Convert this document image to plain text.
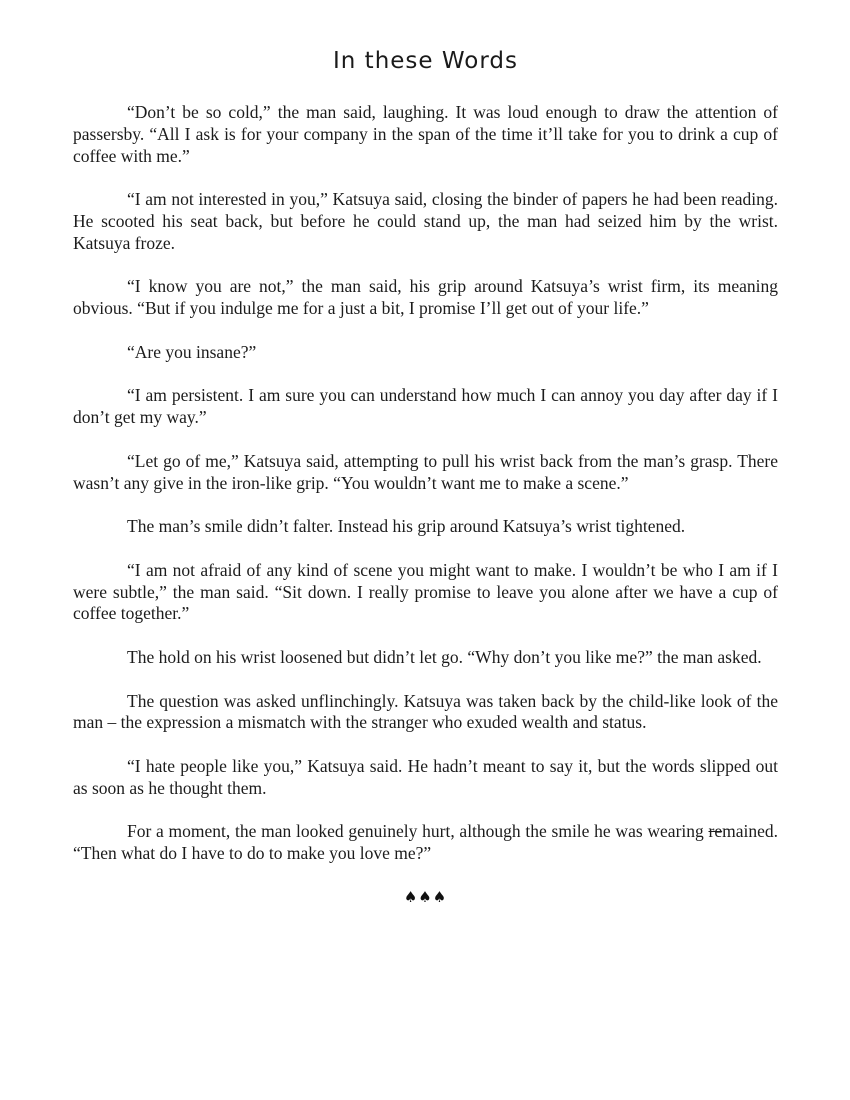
In these Words

“Don’t be so cold,” the man said, laughing. It was loud enough to draw the attention of passersby. “All I ask is for your company in the span of the time it’ll take for you to drink a cup of coffee with me.”

“I am not interested in you,” Katsuya said, closing the binder of papers he had been reading. He scooted his seat back, but before he could stand up, the man had seized him by the wrist. Katsuya froze.

“I know you are not,” the man said, his grip around Katsuya’s wrist firm, its meaning obvious. “But if you indulge me for a just a bit, I promise I’ll get out of your life.”

“Are you insane?”

“I am persistent. I am sure you can understand how much I can annoy you day after day if I don’t get my way.”

“Let go of me,” Katsuya said, attempting to pull his wrist back from the man’s grasp. There wasn’t any give in the iron-like grip. “You wouldn’t want me to make a scene.”

The man’s smile didn’t falter. Instead his grip around Katsuya’s wrist tightened.

“I am not afraid of any kind of scene you might want to make. I wouldn’t be who I am if I were subtle,” the man said. “Sit down. I really promise to leave you alone after we have a cup of coffee together.”

The hold on his wrist loosened but didn’t let go. “Why don’t you like me?” the man asked.

The question was asked unflinchingly. Katsuya was taken back by the child-like look of the man – the expression a mismatch with the stranger who exuded wealth and status.

“I hate people like you,” Katsuya said. He hadn’t meant to say it, but the words slipped out as soon as he thought them.

For a moment, the man looked genuinely hurt, although the smile he was wearing remained. “Then what do I have to do to make you love me?”

♠♠♠
